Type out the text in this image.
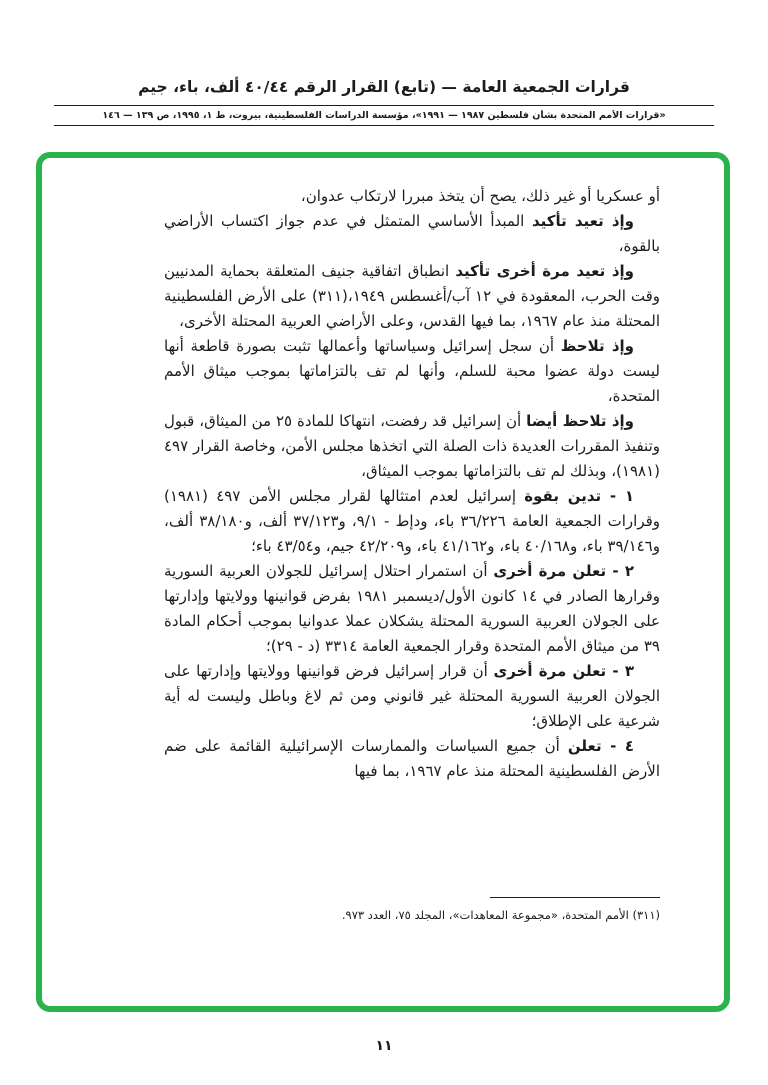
قرارات الجمعية العامة — (تابع) القرار الرقم ٤٠/٤٤ ألف، باء، جيم
«قرارات الأمم المتحدة بشأن فلسطين ١٩٨٧ — ١٩٩١»، مؤسسة الدراسات الفلسطينية، بيروت، ط ١، ١٩٩٥، ص ١٣٩ — ١٤٦

أو عسكريا أو غير ذلك، يصح أن يتخذ مبررا لارتكاب عدوان،

وإذ تعيد تأكيد المبدأ الأساسي المتمثل في عدم جواز اكتساب الأراضي بالقوة،

وإذ تعيد مرة أخرى تأكيد انطباق اتفاقية جنيف المتعلقة بحماية المدنيين وقت الحرب، المعقودة في ١٢ آب/أغسطس ١٩٤٩،(٣١١) على الأرض الفلسطينية المحتلة منذ عام ١٩٦٧، بما فيها القدس، وعلى الأراضي العربية المحتلة الأخرى،

وإذ تلاحظ أن سجل إسرائيل وسياساتها وأعمالها تثبت بصورة قاطعة أنها ليست دولة عضوا محبة للسلم، وأنها لم تف بالتزاماتها بموجب ميثاق الأمم المتحدة،

وإذ تلاحظ أيضا أن إسرائيل قد رفضت، انتهاكا للمادة ٢٥ من الميثاق، قبول وتنفيذ المقررات العديدة ذات الصلة التي اتخذها مجلس الأمن، وخاصة القرار ٤٩٧ (١٩٨١)، وبذلك لم تف بالتزاماتها بموجب الميثاق،

١ - تدين بقوة إسرائيل لعدم امتثالها لقرار مجلس الأمن ٤٩٧ (١٩٨١) وقرارات الجمعية العامة ٣٦/٢٢٦ باء، ودإط - ٩/١، و٣٧/١٢٣ ألف، و٣٨/١٨٠ ألف، و٣٩/١٤٦ باء، و٤٠/١٦٨ باء، و٤١/١٦٢ باء، و٤٢/٢٠٩ جيم، و٤٣/٥٤ باء؛

٢ - تعلن مرة أخرى أن استمرار احتلال إسرائيل للجولان العربية السورية وقرارها الصادر في ١٤ كانون الأول/ديسمبر ١٩٨١ بفرض قوانينها وولايتها وإدارتها على الجولان العربية السورية المحتلة يشكلان عملا عدوانيا بموجب أحكام المادة ٣٩ من ميثاق الأمم المتحدة وقرار الجمعية العامة ٣٣١٤ (د - ٢٩)؛

٣ - تعلن مرة أخرى أن قرار إسرائيل فرض قوانينها وولايتها وإدارتها على الجولان العربية السورية المحتلة غير قانوني ومن ثم لاغ وباطل وليست له أية شرعية على الإطلاق؛

٤ - تعلن أن جميع السياسات والممارسات الإسرائيلية القائمة على ضم الأرض الفلسطينية المحتلة منذ عام ١٩٦٧، بما فيها

(٣١١) الأمم المتحدة، «مجموعة المعاهدات»، المجلد ٧٥، العدد ٩٧٣.
١١
